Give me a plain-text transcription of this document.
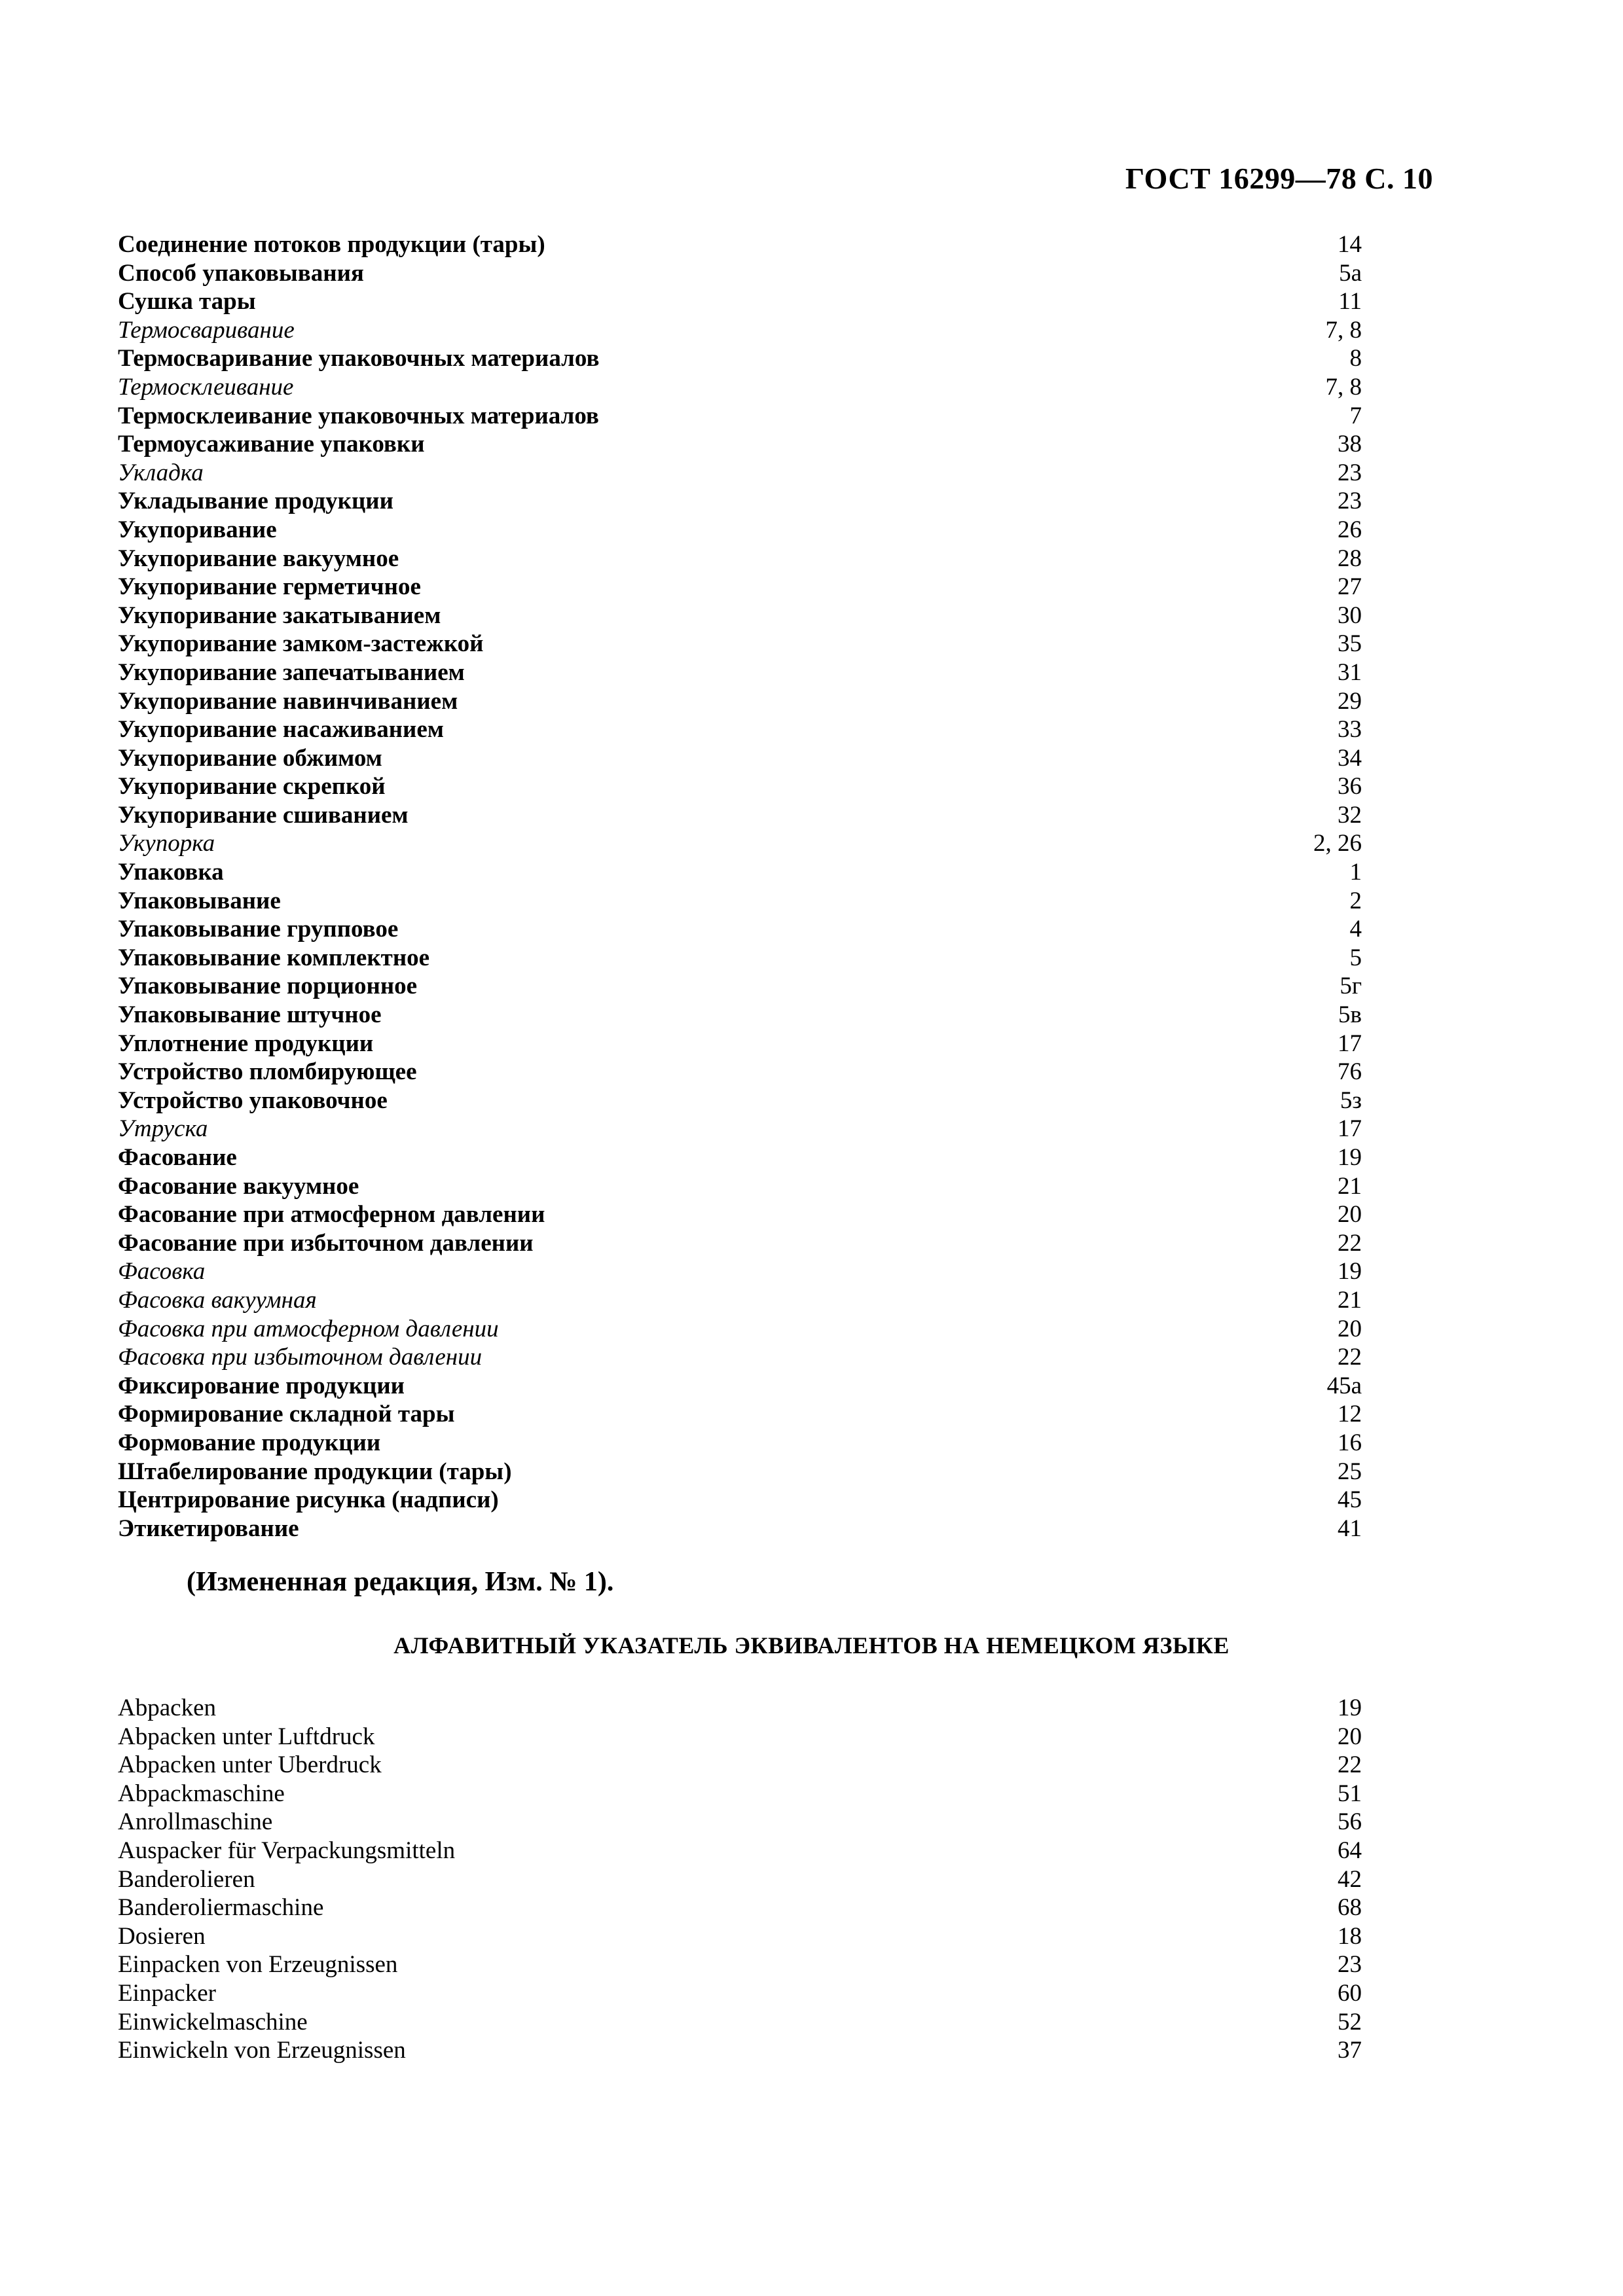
ГОСТ 16299—78 С. 10
Соединение потоков продукции (тары)	14
Способ упаковывания	5а
Сушка тары	11
Термосваривание	7, 8
Термосваривание упаковочных материалов	8
Термосклеивание	7, 8
Термосклеивание упаковочных материалов	7
Термоусаживание упаковки	38
Укладка	23
Укладывание продукции	23
Укупоривание	26
Укупоривание вакуумное	28
Укупоривание герметичное	27
Укупоривание закатыванием	30
Укупоривание замком-застежкой	35
Укупоривание запечатыванием	31
Укупоривание навинчиванием	29
Укупоривание насаживанием	33
Укупоривание обжимом	34
Укупоривание скрепкой	36
Укупоривание сшиванием	32
Укупорка	2, 26
Упаковка	1
Упаковывание	2
Упаковывание групповое	4
Упаковывание комплектное	5
Упаковывание порционное	5г
Упаковывание штучное	5в
Уплотнение продукции	17
Устройство пломбирующее	76
Устройство упаковочное	5з
Утруска	17
Фасование	19
Фасование вакуумное	21
Фасование при атмосферном давлении	20
Фасование при избыточном давлении	22
Фасовка	19
Фасовка вакуумная	21
Фасовка при атмосферном давлении	20
Фасовка при избыточном давлении	22
Фиксирование продукции	45а
Формирование складной тары	12
Формование продукции	16
Штабелирование продукции (тары)	25
Центрирование рисунка (надписи)	45
Этикетирование	41
(Измененная редакция, Изм. № 1).
АЛФАВИТНЫЙ УКАЗАТЕЛЬ ЭКВИВАЛЕНТОВ НА НЕМЕЦКОМ ЯЗЫКЕ
Abpacken	19
Abpacken unter Luftdruck	20
Abpacken unter Uberdruck	22
Abpackmaschine	51
Anrollmaschine	56
Auspacker für Verpackungsmitteln	64
Banderolieren	42
Banderoliermaschine	68
Dosieren	18
Einpacken von Erzeugnissen	23
Einpacker	60
Einwickelmaschine	52
Einwickeln von Erzeugnissen	37
